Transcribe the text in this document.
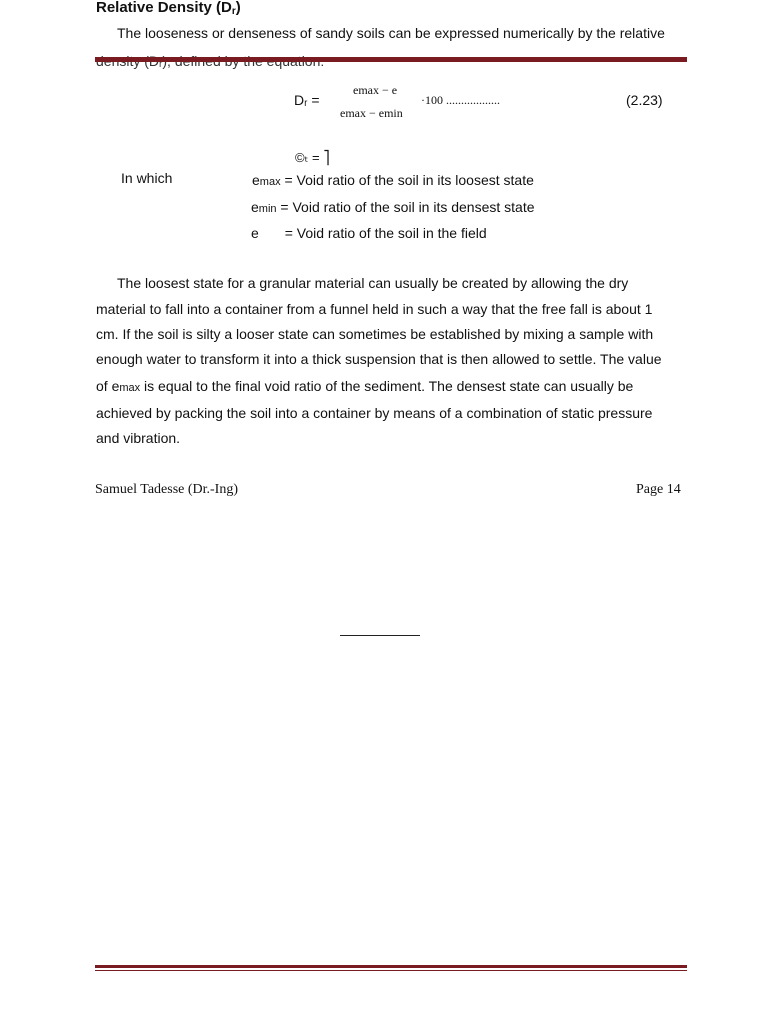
Relative Density $(D_r)$
The looseness or denseness of sandy soils can be expressed numerically by the relative
Dᵣ =
emax − e
emax − emin
·100 ..................	(2.23)
©ₜ = ⎤
In which	emax = Void ratio of the soil in its loosest state
emin = Void ratio of the soil in its densest state
e = Void ratio of the soil in the field
The loosest state for a granular material can usually be created by allowing the dry
material to fall into a container from a funnel held in such a way that the free fall is about 1
cm. If the soil is silty a looser state can sometimes be established by mixing a sample with
enough water to transform it into a thick suspension that is then allowed to settle. The value
of emax is equal to the final void ratio of the sediment. The densest state can usually be
achieved by packing the soil into a container by means of a combination of static pressure
and vibration.
Samuel Tadesse (Dr.-Ing)	Page 14
